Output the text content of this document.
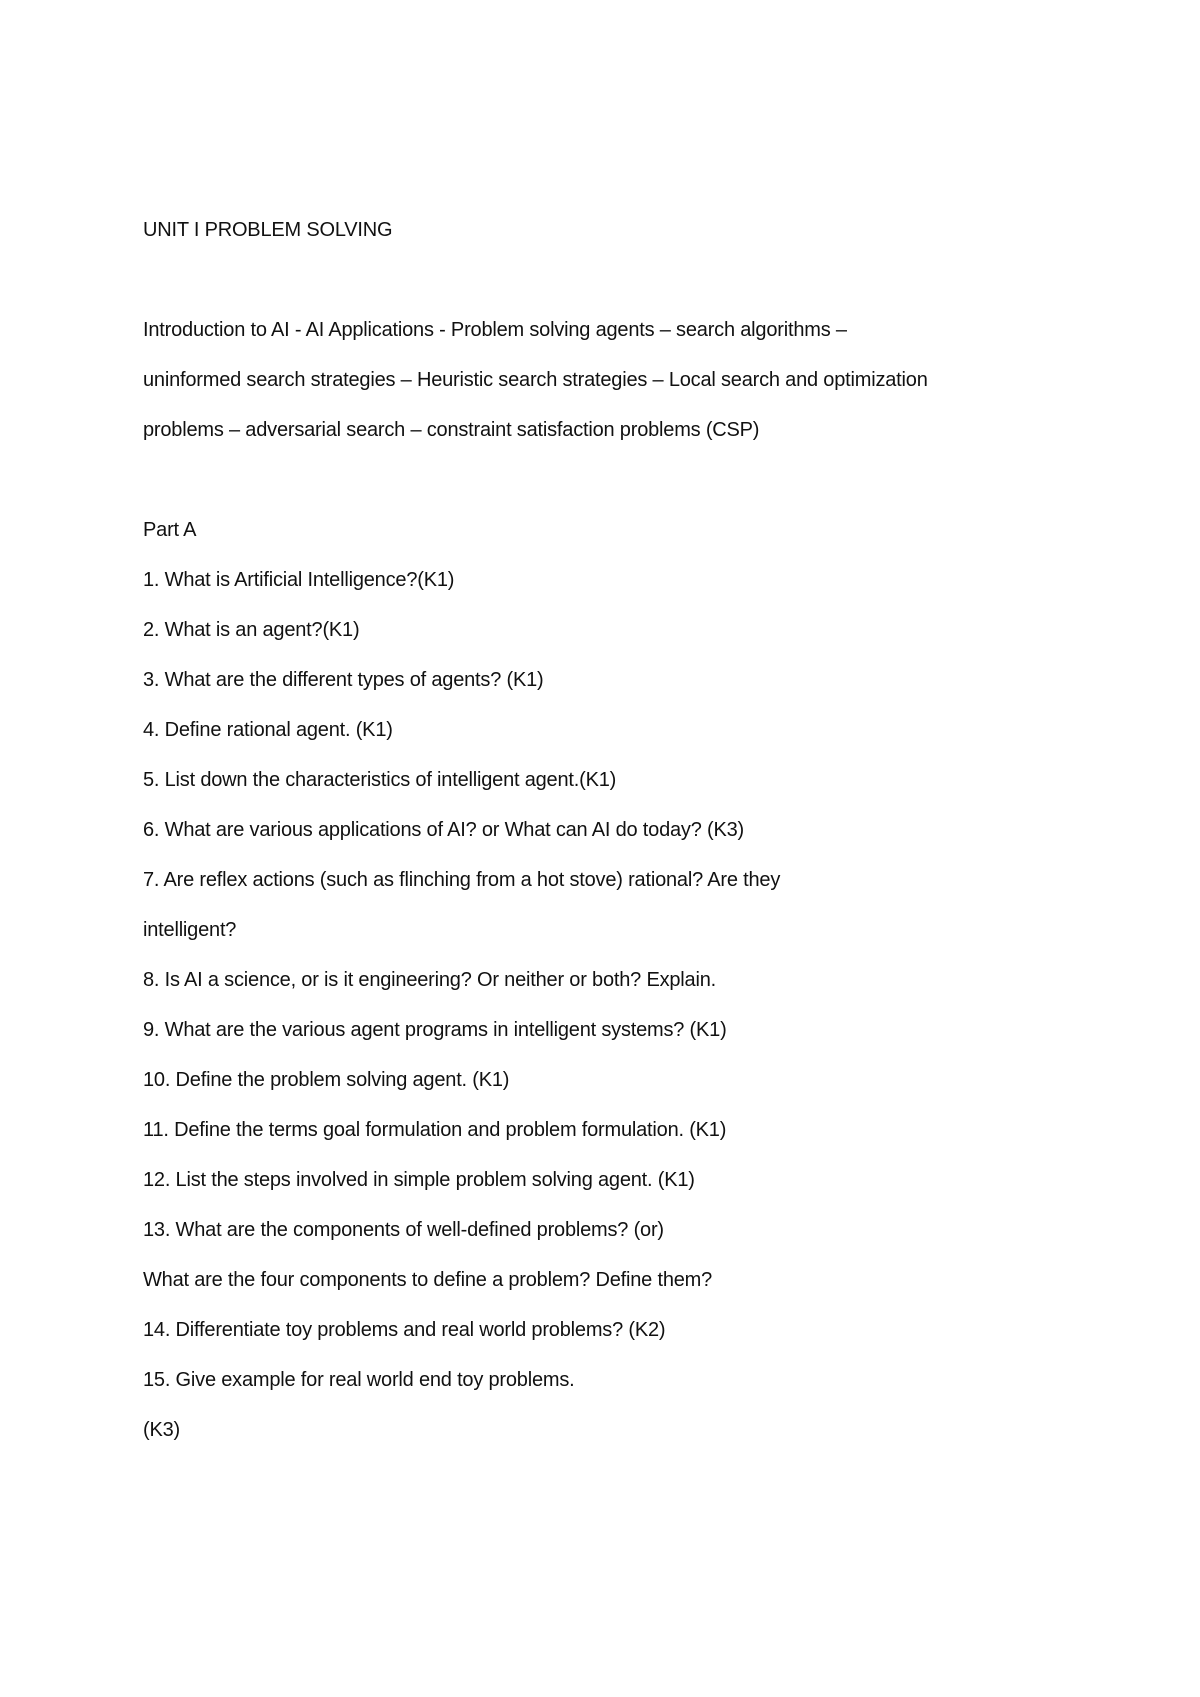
UNIT I PROBLEM SOLVING
Introduction to AI - AI Applications - Problem solving agents – search algorithms –
uninformed search strategies – Heuristic search strategies – Local search and optimization
problems – adversarial search – constraint satisfaction problems (CSP)
Part A
1. What is Artificial Intelligence?(K1)
2. What is an agent?(K1)
3. What are the different types of agents? (K1)
4. Define rational agent. (K1)
5. List down the characteristics of intelligent agent.(K1)
6. What are various applications of AI? or What can AI do today? (K3)
7. Are reflex actions (such as flinching from a hot stove) rational? Are they
intelligent?
8. Is AI a science, or is it engineering? Or neither or both? Explain.
9. What are the various agent programs in intelligent systems? (K1)
10. Define the problem solving agent. (K1)
11. Define the terms goal formulation and problem formulation. (K1)
12. List the steps involved in simple problem solving agent. (K1)
13. What are the components of well-defined problems? (or)
What are the four components to define a problem? Define them?
14. Differentiate toy problems and real world problems? (K2)
15. Give example for real world end toy problems.
(K3)
